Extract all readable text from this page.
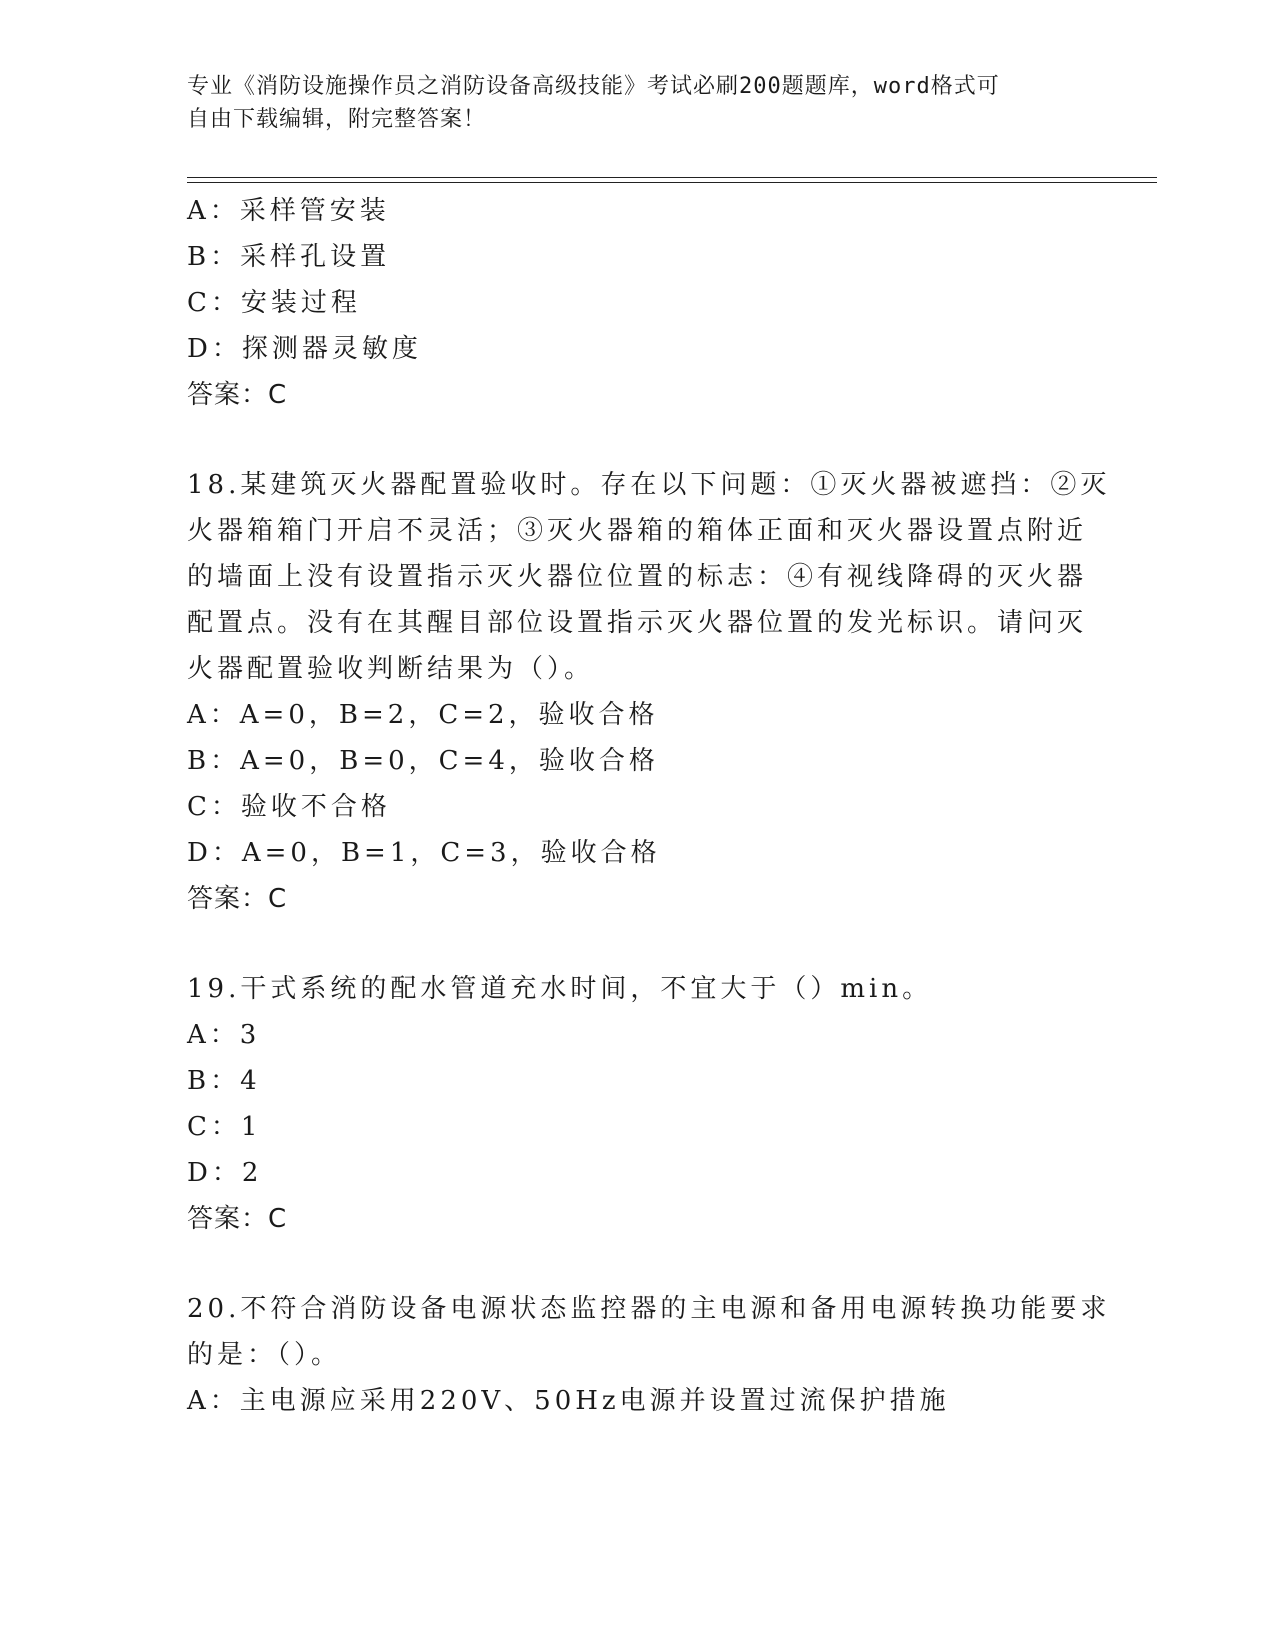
专业《消防设施操作员之消防设备高级技能》考试必刷200题题库，word格式可
自由下载编辑，附完整答案！
A：采样管安装
B：采样孔设置
C：安装过程
D：探测器灵敏度
答案：C
18.某建筑灭火器配置验收时。存在以下问题：①灭火器被遮挡：②灭
火器箱箱门开启不灵活；③灭火器箱的箱体正面和灭火器设置点附近
的墙面上没有设置指示灭火器位位置的标志：④有视线降碍的灭火器
配置点。没有在其醒目部位设置指示灭火器位置的发光标识。请问灭
火器配置验收判断结果为（）。
A：A=0，B=2，C=2，验收合格
B：A=0，B=0，C=4，验收合格
C：验收不合格
D：A=0，B=1，C=3，验收合格
答案：C
19.干式系统的配水管道充水时间，不宜大于（）min。
A：3
B：4
C：1
D：2
答案：C
20.不符合消防设备电源状态监控器的主电源和备用电源转换功能要求
的是：（）。
A：主电源应采用220V、50Hz电源并设置过流保护措施
